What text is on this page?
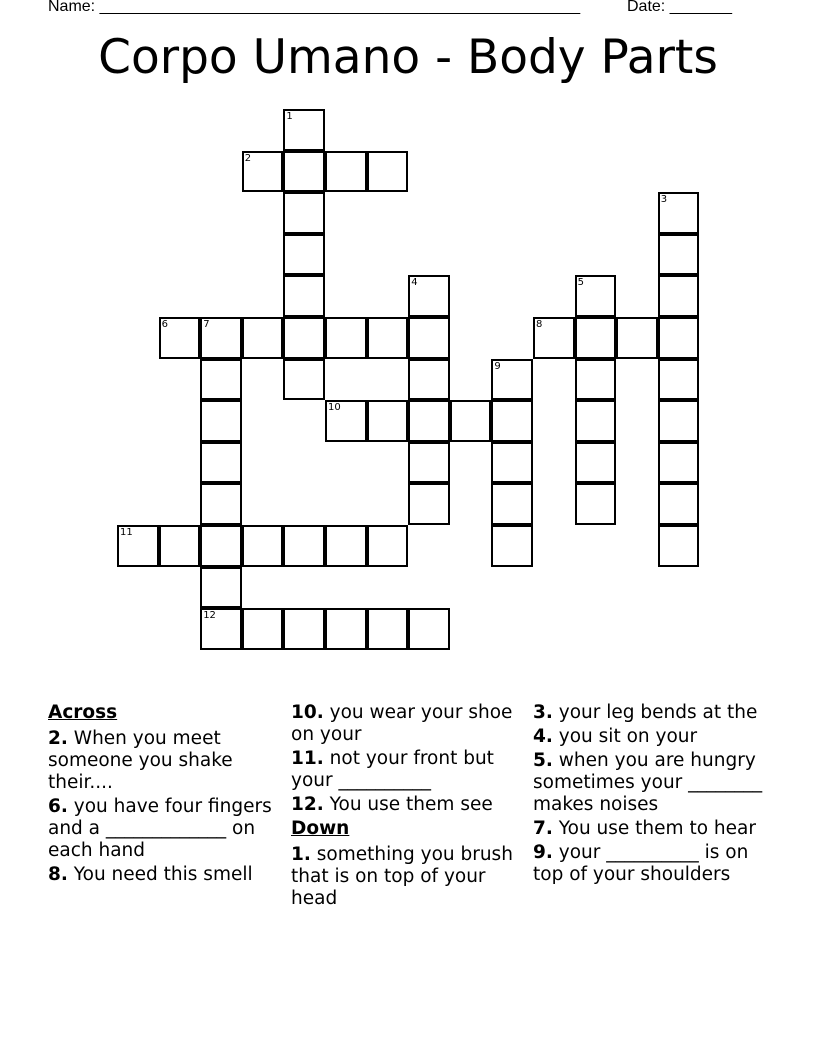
Name: ______________________________________________________	Date: _______
Corpo Umano - Body Parts
1
2
3
4	5
6	7	8
9
10
11
12
Across
2. When you meet someone you shake their....
6. you have four fingers and a _____________ on each hand
8. You need this smell
10. you wear your shoe on your
11. not your front but your __________
12. You use them see
Down
1. something you brush that is on top of your head
3. your leg bends at the
4. you sit on your
5. when you are hungry sometimes your ________ makes noises
7. You use them to hear
9. your __________ is on top of your shoulders
